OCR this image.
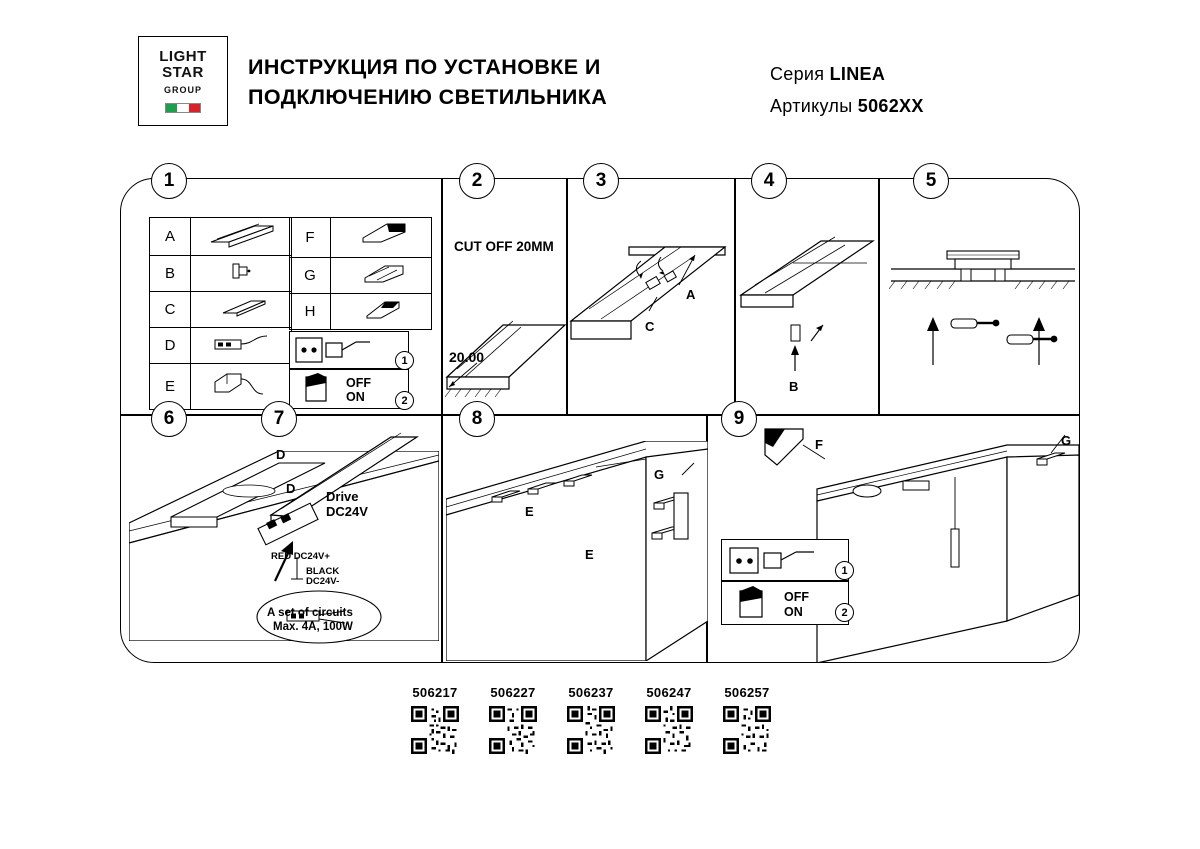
LIGHT
STAR
GROUP
ИНСТРУКЦИЯ ПО УСТАНОВКЕ И
ПОДКЛЮЧЕНИЮ СВЕТИЛЬНИКА
Серия LINEA
Артикулы 5062XX
1
A	
B	
C	
D	
E	
F	
G	
H	
1
OFF
ON	2
2
CUT OFF 20MM
20.00
3
A
C
4
B
5
6	7
D
D
Drive
DC24V
RED DC24V+
BLACK
DC24V-
A set of circuits
Max. 4A, 100W
8
E
E
G
9
F	G
1
OFF
ON	2
506217	506227	506237	506247	506257
